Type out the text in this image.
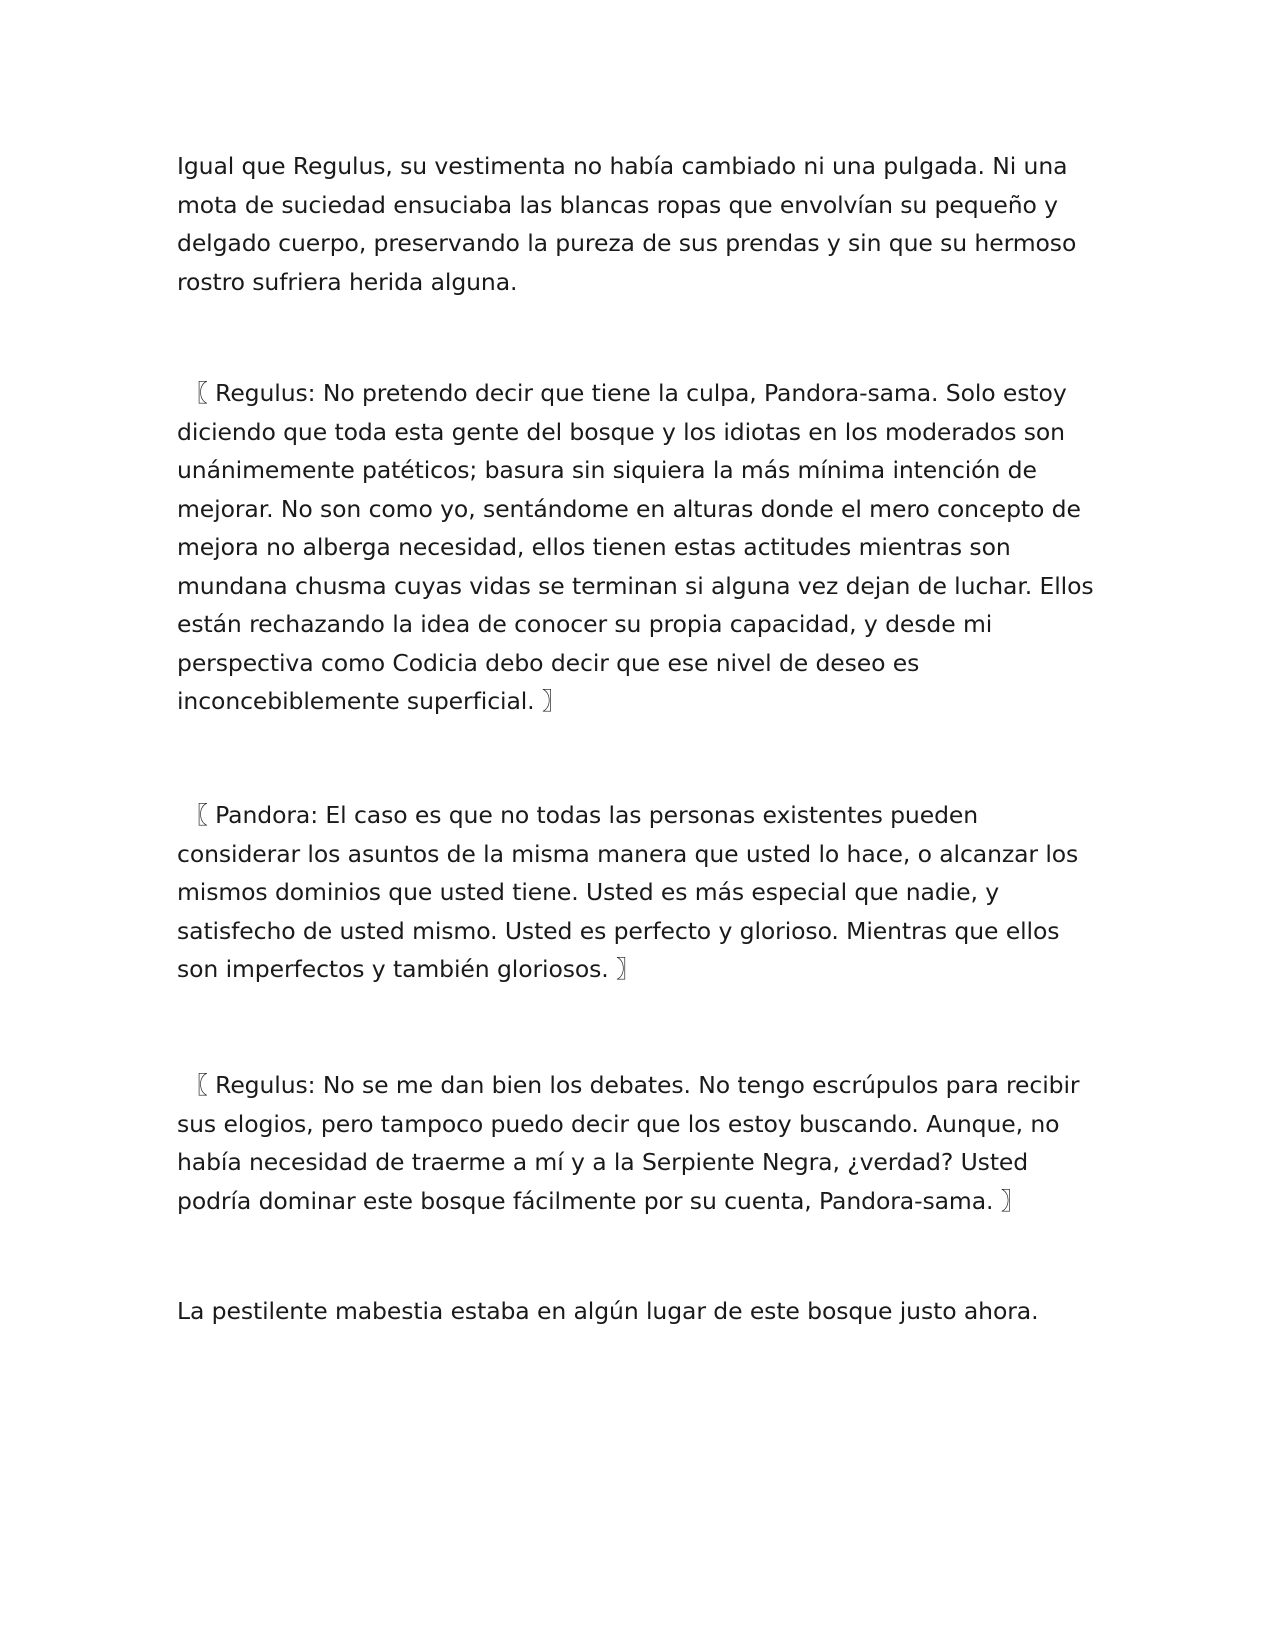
Igual que Regulus, su vestimenta no había cambiado ni una pulgada. Ni una
mota de suciedad ensuciaba las blancas ropas que envolvían su pequeño y
delgado cuerpo, preservando la pureza de sus prendas y sin que su hermoso
rostro sufriera herida alguna.

〖 Regulus: No pretendo decir que tiene la culpa, Pandora-sama. Solo estoy
diciendo que toda esta gente del bosque y los idiotas en los moderados son
unánimemente patéticos; basura sin siquiera la más mínima intención de
mejorar. No son como yo, sentándome en alturas donde el mero concepto de
mejora no alberga necesidad, ellos tienen estas actitudes mientras son
mundana chusma cuyas vidas se terminan si alguna vez dejan de luchar. Ellos
están rechazando la idea de conocer su propia capacidad, y desde mi
perspectiva como Codicia debo decir que ese nivel de deseo es
inconcebiblemente superficial. 〗

〖 Pandora: El caso es que no todas las personas existentes pueden
considerar los asuntos de la misma manera que usted lo hace, o alcanzar los
mismos dominios que usted tiene. Usted es más especial que nadie, y
satisfecho de usted mismo. Usted es perfecto y glorioso. Mientras que ellos
son imperfectos y también gloriosos. 〗

〖 Regulus: No se me dan bien los debates. No tengo escrúpulos para recibir
sus elogios, pero tampoco puedo decir que los estoy buscando. Aunque, no
había necesidad de traerme a mí y a la Serpiente Negra, ¿verdad? Usted
podría dominar este bosque fácilmente por su cuenta, Pandora-sama. 〗

La pestilente mabestia estaba en algún lugar de este bosque justo ahora.
